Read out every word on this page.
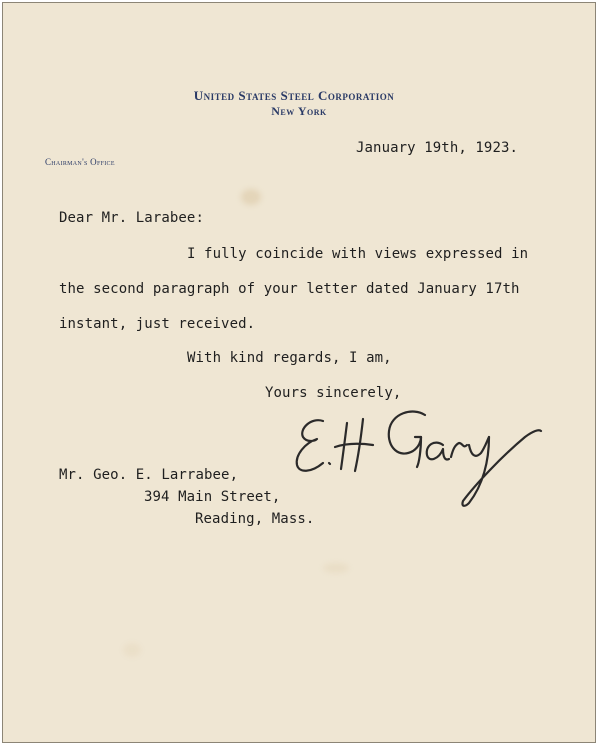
United States Steel Corporation
New York
Chairman's Office
January 19th, 1923.
Dear Mr. Larabee:
I fully coincide with views expressed in
the second paragraph of your letter dated January 17th
instant, just received.
With kind regards, I am,
Yours sincerely,
Mr. Geo. E. Larrabee,
394 Main Street,
Reading, Mass.
